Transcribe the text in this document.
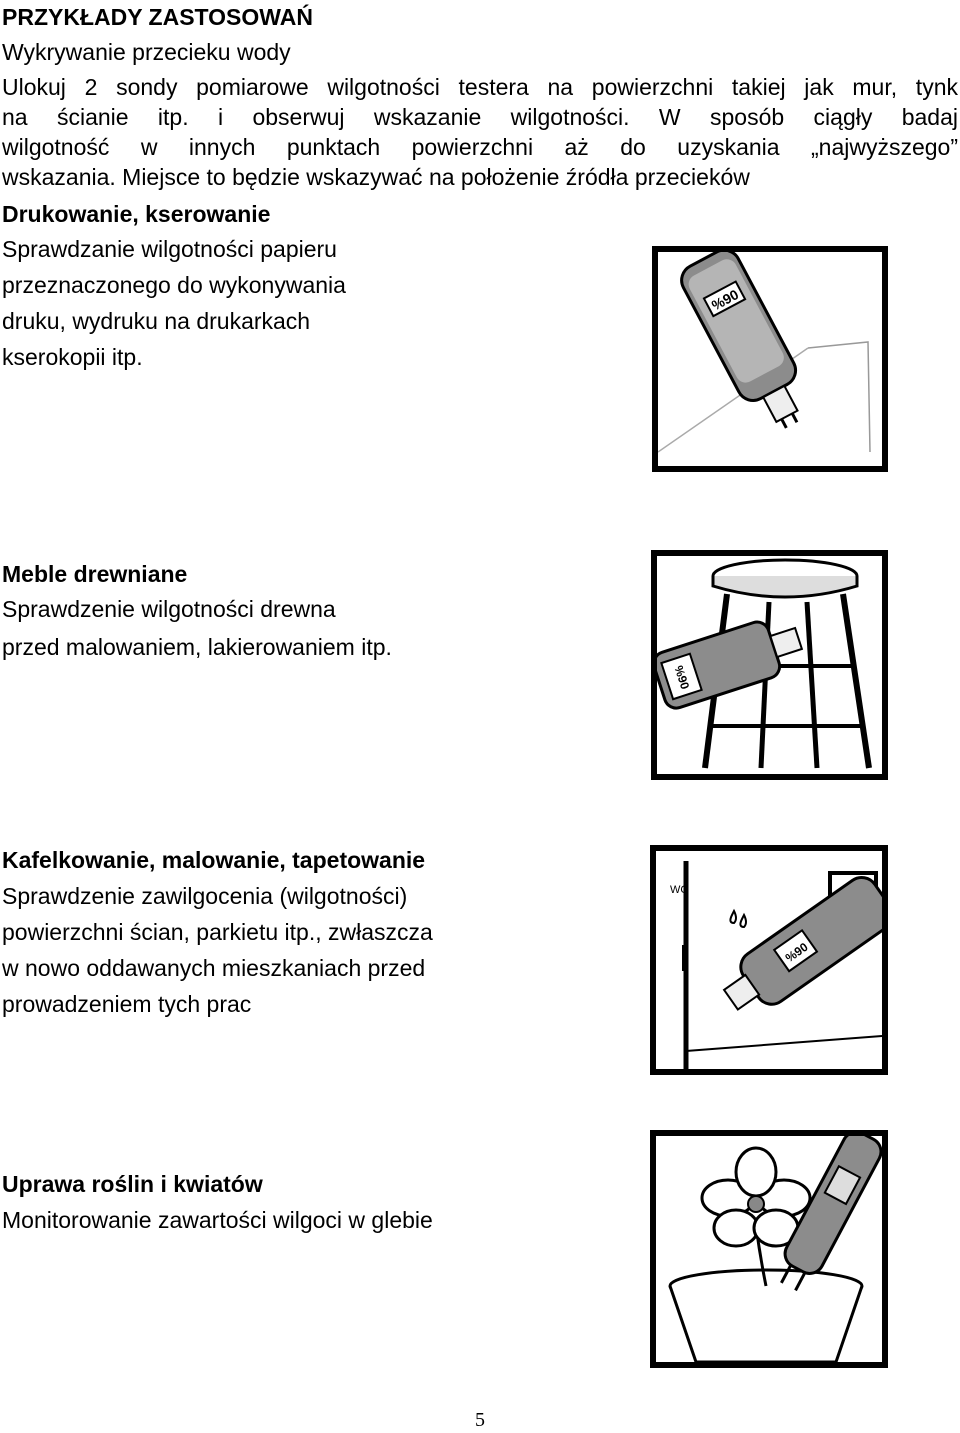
PRZYKŁADY ZASTOSOWAŃ
Wykrywanie przecieku wody
Ulokuj 2 sondy pomiarowe wilgotności testera na powierzchni takiej jak mur, tynk
na ścianie itp. i obserwuj wskazanie wilgotności. W sposób ciągły badaj
wilgotność w innych punktach powierzchni aż do uzyskania „najwyższego”
wskazania. Miejsce to będzie wskazywać na położenie źródła przecieków
Drukowanie, kserowanie
Sprawdzanie wilgotności papieru
przeznaczonego do wykonywania
druku, wydruku na drukarkach
kserokopii itp.
%90
Meble drewniane
Sprawdzenie wilgotności drewna
przed malowaniem, lakierowaniem itp.
%90
Kafelkowanie, malowanie, tapetowanie
Sprawdzenie zawilgocenia (wilgotności)
powierzchni ścian, parkietu itp., zwłaszcza
w nowo oddawanych mieszkaniach przed
prowadzeniem tych prac
WC
%90
Uprawa roślin i kwiatów
Monitorowanie zawartości wilgoci w glebie
5
